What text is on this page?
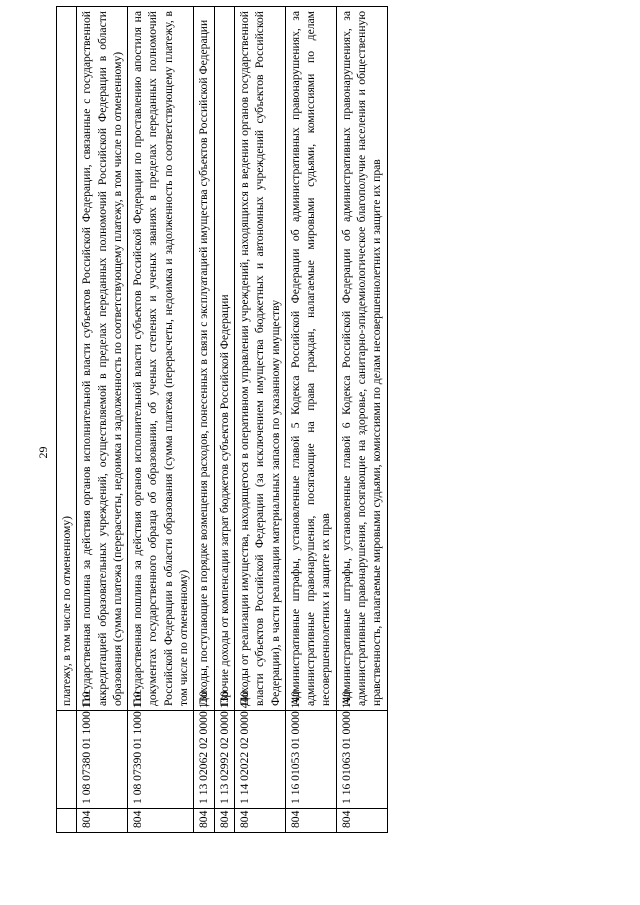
29
		платежу, в том числе по отмененному)
804	1 08 07380 01 1000 110	Государственная пошлина за действия органов исполнительной власти субъектов Российской Федерации, связанные с государственной аккредитацией образовательных учреждений, осуществляемой в пределах переданных полномочий Российской Федерации в области образования (сумма платежа (перерасчеты, недоимка и задолженность по соответствующему платежу, в том числе по отмененному)
804	1 08 07390 01 1000 110	Государственная пошлина за действия органов исполнительной власти субъектов Российской Федерации по проставлению апостиля на документах государственного образца об образовании, об ученых степенях и ученых званиях в пределах переданных полномочий Российской Федерации в области образования (сумма платежа (перерасчеты, недоимка и задолженность по соответствующему платежу, в том числе по отмененному)
804	1 13 02062 02 0000 130	Доходы, поступающие в порядке возмещения расходов, понесенных в связи с эксплуатацией имущества субъектов Российской Федерации
804	1 13 02992 02 0000 130	Прочие доходы от компенсации затрат бюджетов субъектов Российской Федерации
804	1 14 02022 02 0000 440	Доходы от реализации имущества, находящегося в оперативном управлении учреждений, находящихся в ведении органов государственной власти субъектов Российской Федерации (за исключением имущества бюджетных и автономных учреждений субъектов Российской Федерации), в части реализации материальных запасов по указанному имуществу
804	1 16 01053 01 0000 140	Административные штрафы, установленные главой 5 Кодекса Российской Федерации об административных правонарушениях, за административные правонарушения, посягающие на права граждан, налагаемые мировыми судьями, комиссиями по делам несовершеннолетних и защите их прав
804	1 16 01063 01 0000 140	Административные штрафы, установленные главой 6 Кодекса Российской Федерации об административных правонарушениях, за административные правонарушения, посягающие на здоровье, санитарно-эпидемиологическое благополучие населения и общественную нравственность, налагаемые мировыми судьями, комиссиями по делам несовершеннолетних и защите их прав
